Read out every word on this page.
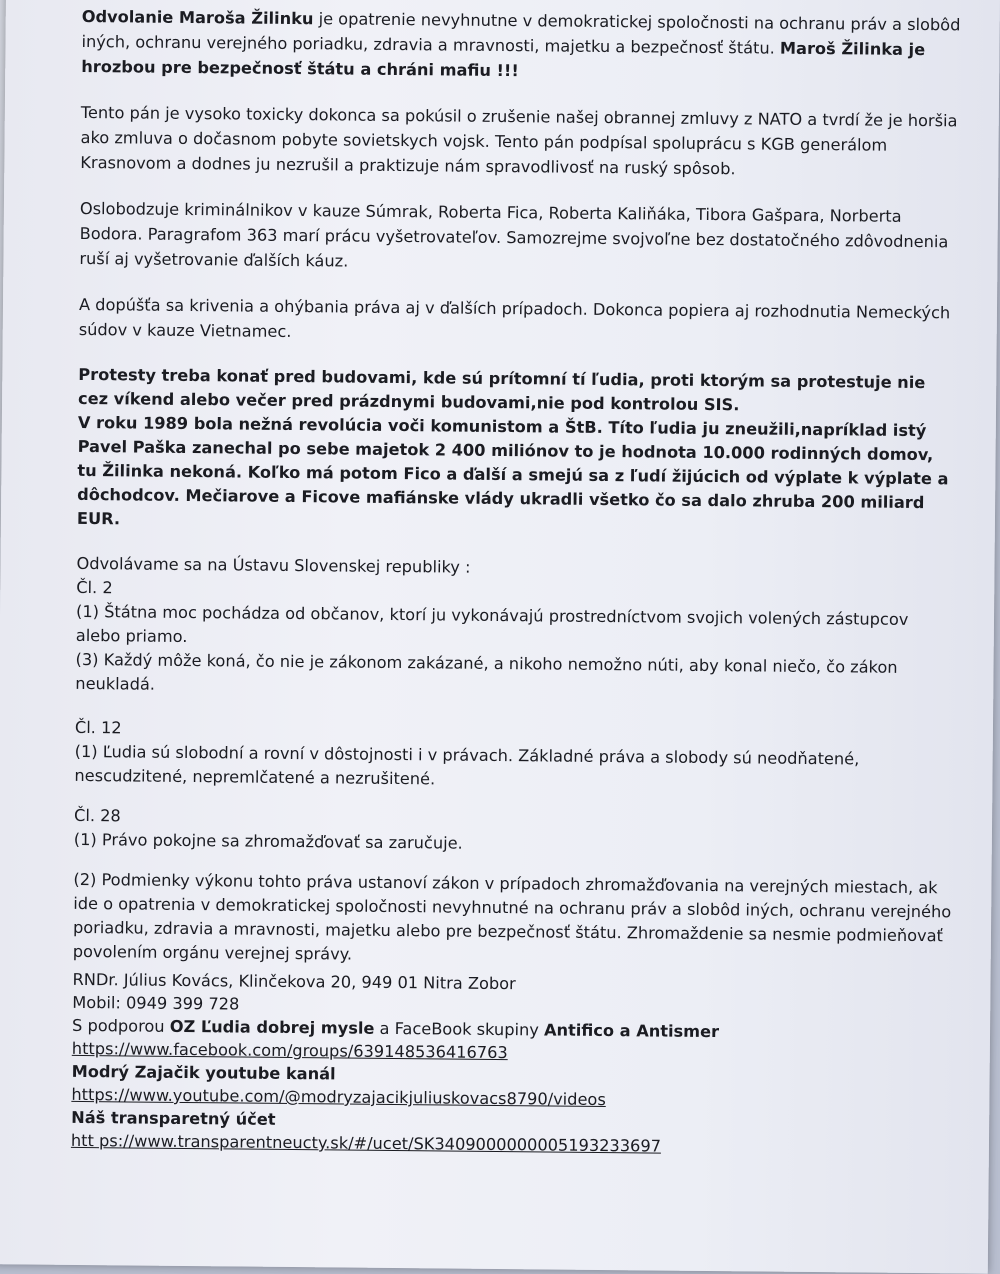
Odvolanie Maroša Žilinku je opatrenie nevyhnutne v demokratickej spoločnosti na ochranu práv a slobôd iných, ochranu verejného poriadku, zdravia a mravnosti, majetku a bezpečnosť štátu. Maroš Žilinka je hrozbou pre bezpečnosť štátu a chráni mafiu !!!

Tento pán je vysoko toxicky dokonca sa pokúsil o zrušenie našej obrannej zmluvy z NATO a tvrdí že je horšia ako zmluva o dočasnom pobyte sovietskych vojsk. Tento pán podpísal spoluprácu s KGB generálom Krasnovom a dodnes ju nezrušil a praktizuje nám spravodlivosť na ruský spôsob.

Oslobodzuje kriminálnikov v kauze Súmrak, Roberta Fica, Roberta Kaliňáka, Tibora Gašpara, Norberta Bodora. Paragrafom 363 marí prácu vyšetrovateľov. Samozrejme svojvoľne bez dostatočného zdôvodnenia ruší aj vyšetrovanie ďalších káuz.

A dopúšťa sa krivenia a ohýbania práva aj v ďalších prípadoch. Dokonca popiera aj rozhodnutia Nemeckých súdov v kauze Vietnamec.

Protesty treba konať pred budovami, kde sú prítomní tí ľudia, proti ktorým sa protestuje nie cez víkend alebo večer pred prázdnymi budovami,nie pod kontrolou SIS.

V roku 1989 bola nežná revolúcia voči komunistom a ŠtB. Títo ľudia ju zneužili,napríklad istý Pavel Paška zanechal po sebe majetok 2 400 miliónov to je hodnota 10.000 rodinných domov, tu Žilinka nekoná. Koľko má potom Fico a ďalší a smejú sa z ľudí žijúcich od výplate k výplate a dôchodcov. Mečiarove a Ficove mafiánske vlády ukradli všetko čo sa dalo zhruba 200 miliard EUR.

Odvolávame sa na Ústavu Slovenskej republiky :

Čl. 2

(1) Štátna moc pochádza od občanov, ktorí ju vykonávajú prostredníctvom svojich volených zástupcov alebo priamo.

(3) Každý môže koná, čo nie je zákonom zakázané, a nikoho nemožno núti, aby konal niečo, čo zákon neukladá.

Čl. 12

(1) Ľudia sú slobodní a rovní v dôstojnosti i v právach. Základné práva a slobody sú neodňatené, nescudzitené, nepremlčatené a nezrušitené.

Čl. 28

(1) Právo pokojne sa zhromažďovať sa zaručuje.

(2) Podmienky výkonu tohto práva ustanoví zákon v prípadoch zhromažďovania na verejných miestach, ak ide o opatrenia v demokratickej spoločnosti nevyhnutné na ochranu práv a slobôd iných, ochranu verejného poriadku, zdravia a mravnosti, majetku alebo pre bezpečnosť štátu. Zhromaždenie sa nesmie podmieňovať povolením orgánu verejnej správy.

RNDr. Július Kovács, Klinčekova 20, 949 01 Nitra Zobor

Mobil: 0949 399 728

S podporou OZ Ľudia dobrej mysle a FaceBook skupiny Antifico a Antismer

https://www.facebook.com/groups/639148536416763

Modrý Zajačik youtube kanál

https://www.youtube.com/@modryzajacikjuliuskovacs8790/videos

Náš transparetný účet

htt ps://www.transparentneucty.sk/#/ucet/SK3409000000005193233697
